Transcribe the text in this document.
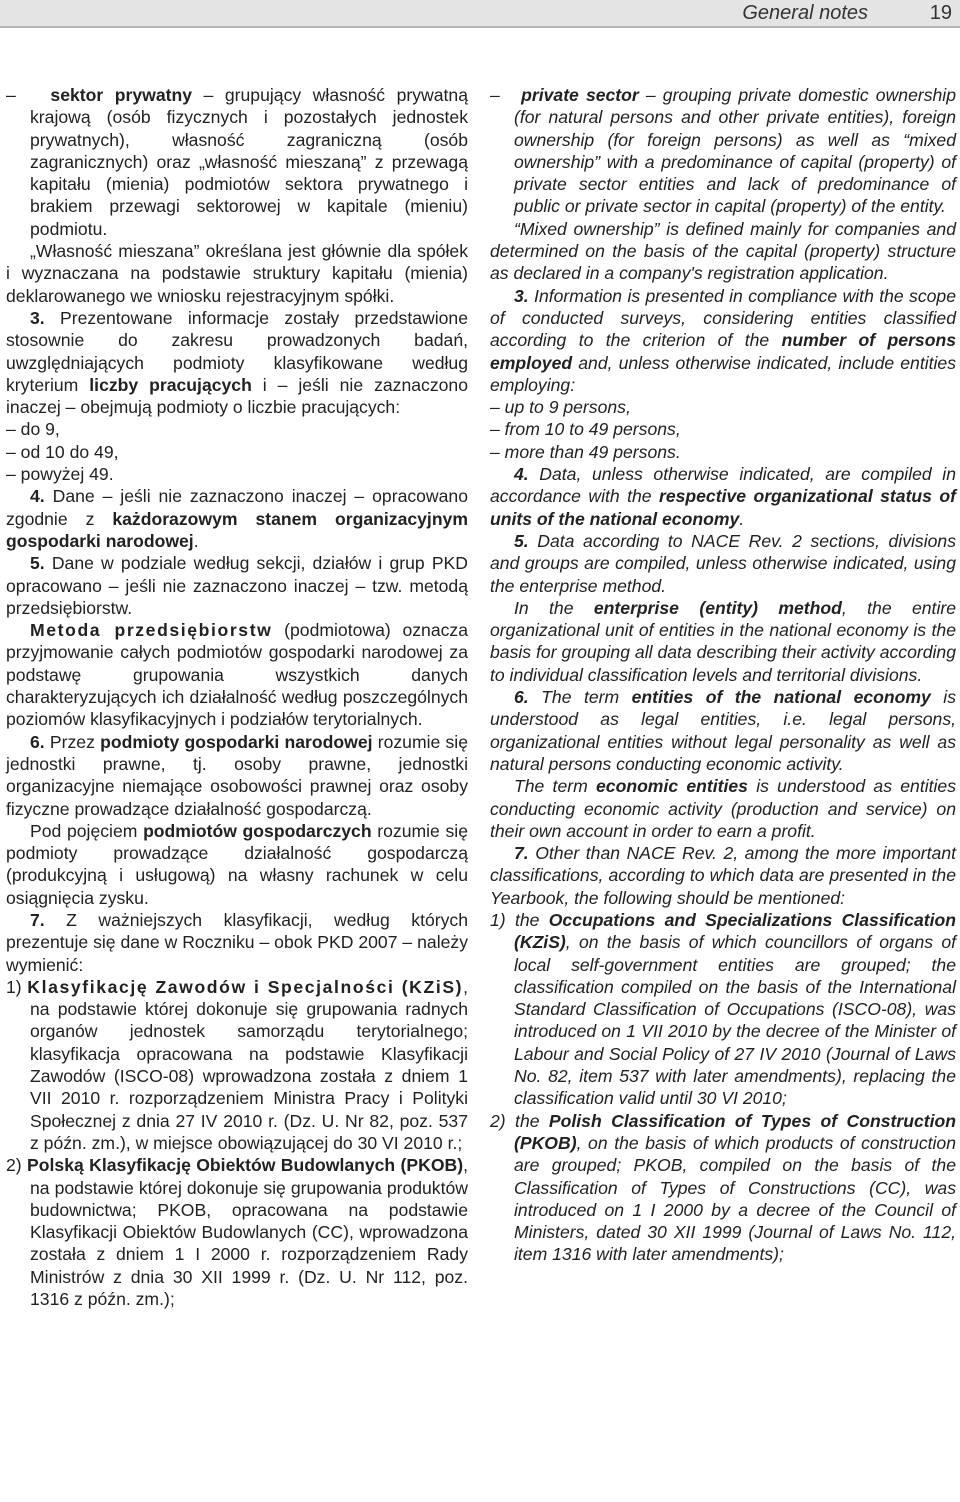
General notes	19

– sektor prywatny – grupujący własność prywatną krajową (osób fizycznych i pozostałych jednostek prywatnych), własność zagraniczną (osób zagranicznych) oraz „własność mieszaną” z przewagą kapitału (mienia) podmiotów sektora prywatnego i brakiem przewagi sektorowej w kapitale (mieniu) podmiotu.

„Własność mieszana” określana jest głównie dla spółek i wyznaczana na podstawie struktury kapitału (mienia) deklarowanego we wniosku rejestracyjnym spółki.

3. Prezentowane informacje zostały przedstawione stosownie do zakresu prowadzonych badań, uwzględniających podmioty klasyfikowane według kryterium liczby pracujących i – jeśli nie zaznaczono inaczej – obejmują podmioty o liczbie pracujących:

– do 9,

– od 10 do 49,

– powyżej 49.

4. Dane – jeśli nie zaznaczono inaczej – opracowano zgodnie z każdorazowym stanem organizacyjnym gospodarki narodowej.

5. Dane w podziale według sekcji, działów i grup PKD opracowano – jeśli nie zaznaczono inaczej – tzw. metodą przedsiębiorstw.

Metoda przedsiębiorstw (podmiotowa) oznacza przyjmowanie całych podmiotów gospodarki narodowej za podstawę grupowania wszystkich danych charakteryzujących ich działalność według poszczególnych poziomów klasyfikacyjnych i podziałów terytorialnych.

6. Przez podmioty gospodarki narodowej rozumie się jednostki prawne, tj. osoby prawne, jednostki organizacyjne niemające osobowości prawnej oraz osoby fizyczne prowadzące działalność gospodarczą.

Pod pojęciem podmiotów gospodarczych rozumie się podmioty prowadzące działalność gospodarczą (produkcyjną i usługową) na własny rachunek w celu osiągnięcia zysku.

7. Z ważniejszych klasyfikacji, według których prezentuje się dane w Roczniku – obok PKD 2007 – należy wymienić:

1) Klasyfikację Zawodów i Specjalności (KZiS), na podstawie której dokonuje się grupowania radnych organów jednostek samorządu terytorialnego; klasyfikacja opracowana na podstawie Klasyfikacji Zawodów (ISCO-08) wprowadzona została z dniem 1 VII 2010 r. rozporządzeniem Ministra Pracy i Polityki Społecznej z dnia 27 IV 2010 r. (Dz. U. Nr 82, poz. 537 z późn. zm.), w miejsce obowiązującej do 30 VI 2010 r.;

2) Polską Klasyfikację Obiektów Budowlanych (PKOB), na podstawie której dokonuje się grupowania produktów budownictwa; PKOB, opracowana na podstawie Klasyfikacji Obiektów Budowlanych (CC), wprowadzona została z dniem 1 I 2000 r. rozporządzeniem Rady Ministrów z dnia 30 XII 1999 r. (Dz. U. Nr 112, poz. 1316 z późn. zm.);

– private sector – grouping private domestic ownership (for natural persons and other private entities), foreign ownership (for foreign persons) as well as “mixed ownership” with a predominance of capital (property) of private sector entities and lack of predominance of public or private sector in capital (property) of the entity.

“Mixed ownership” is defined mainly for companies and determined on the basis of the capital (property) structure as declared in a company's registration application.

3. Information is presented in compliance with the scope of conducted surveys, considering entities classified according to the criterion of the number of persons employed and, unless otherwise indicated, include entities employing:

– up to 9 persons,

– from 10 to 49 persons,

– more than 49 persons.

4. Data, unless otherwise indicated, are compiled in accordance with the respective organizational status of units of the national economy.

5. Data according to NACE Rev. 2 sections, divisions and groups are compiled, unless otherwise indicated, using the enterprise method.

In the enterprise (entity) method, the entire organizational unit of entities in the national economy is the basis for grouping all data describing their activity according to individual classification levels and territorial divisions.

6. The term entities of the national economy is understood as legal entities, i.e. legal persons, organizational entities without legal personality as well as natural persons conducting economic activity.

The term economic entities is understood as entities conducting economic activity (production and service) on their own account in order to earn a profit.

7. Other than NACE Rev. 2, among the more important classifications, according to which data are presented in the Yearbook, the following should be mentioned:

1) the Occupations and Specializations Classification (KZiS), on the basis of which councillors of organs of local self-government entities are grouped; the classification compiled on the basis of the International Standard Classification of Occupations (ISCO-08), was introduced on 1 VII 2010 by the decree of the Minister of Labour and Social Policy of 27 IV 2010 (Journal of Laws No. 82, item 537 with later amendments), replacing the classification valid until 30 VI 2010;

2) the Polish Classification of Types of Construction (PKOB), on the basis of which products of construction are grouped; PKOB, compiled on the basis of the Classification of Types of Constructions (CC), was introduced on 1 I 2000 by a decree of the Council of Ministers, dated 30 XII 1999 (Journal of Laws No. 112, item 1316 with later amendments);
